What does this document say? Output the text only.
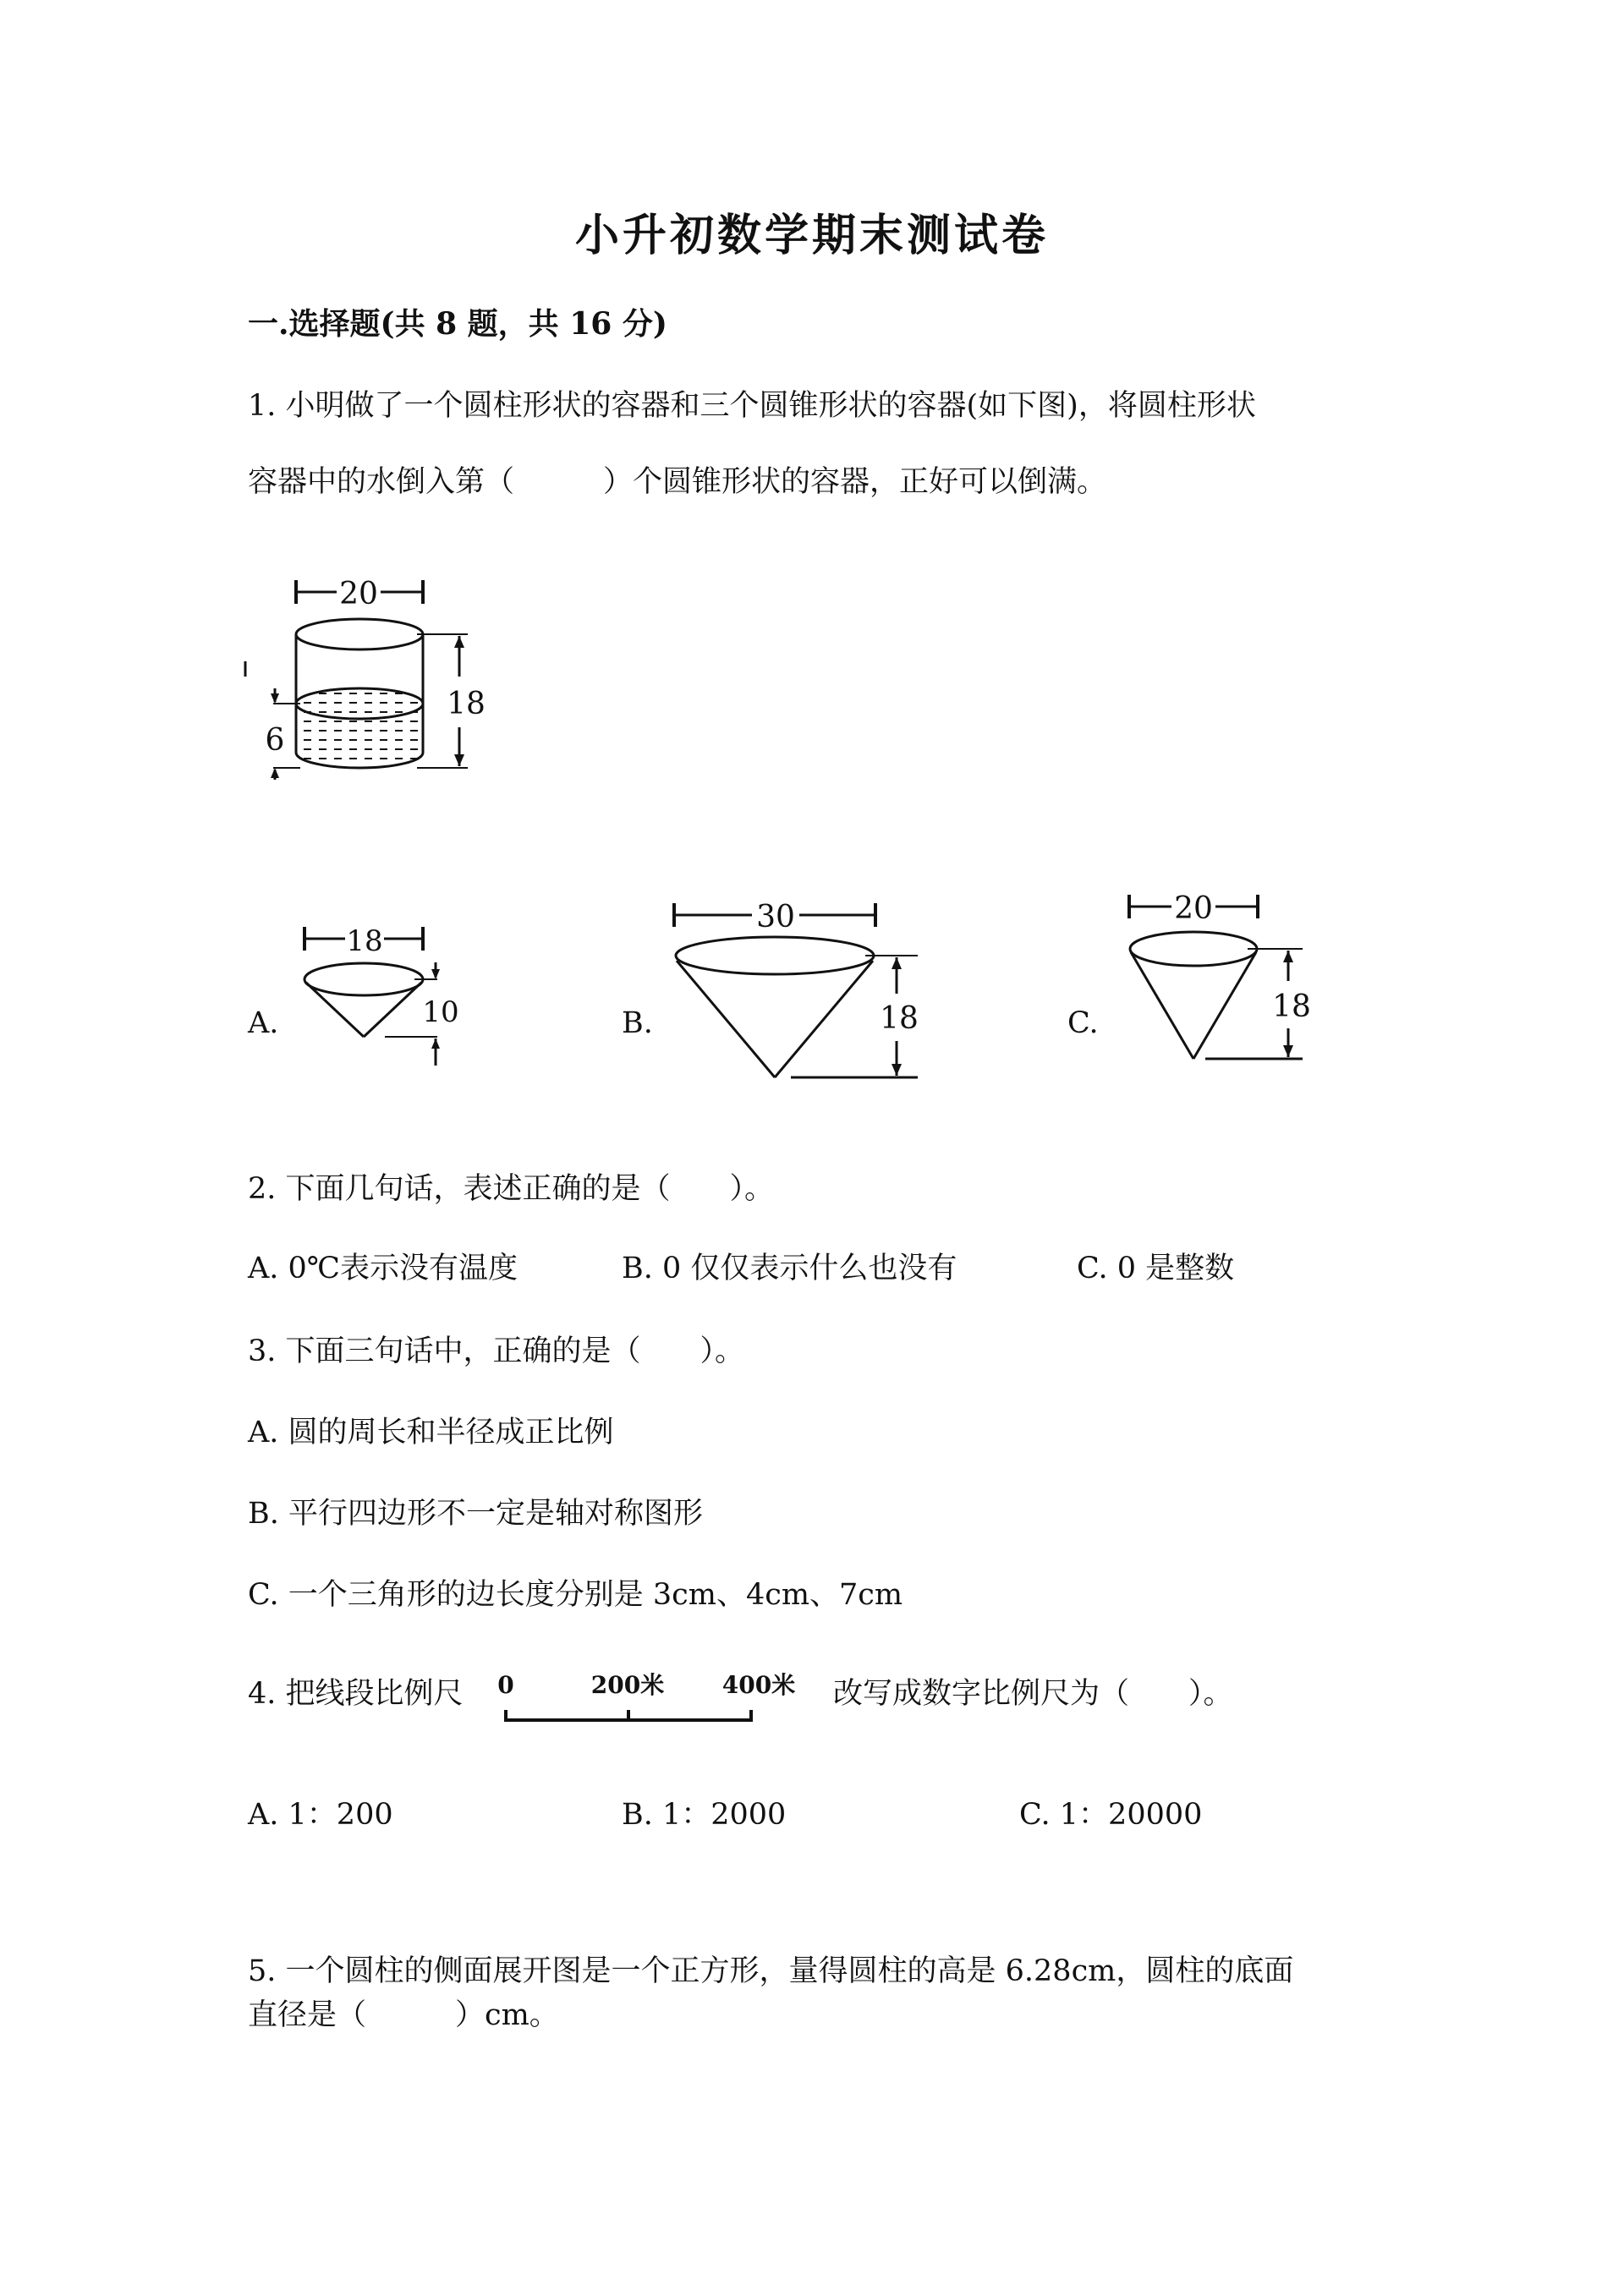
小升初数学期末测试卷
一.选择题(共 8 题，共 16 分)
1. 小明做了一个圆柱形状的容器和三个圆锥形状的容器(如下图)，将圆柱形状
容器中的水倒入第（　　　）个圆锥形状的容器，正好可以倒满。
20
18
6
A.
18
10	B.
30
18	C.
20
18
2. 下面几句话，表述正确的是（　　）。
A. 0℃表示没有温度	B. 0 仅仅表示什么也没有	C. 0 是整数
3. 下面三句话中，正确的是（　　）。
A. 圆的周长和半径成正比例
B. 平行四边形不一定是轴对称图形
C. 一个三角形的边长度分别是 3cm、4cm、7cm
4. 把线段比例尺 0	200米 400米 改写成数字比例尺为（　　）。
A. 1：200	B. 1：2000	C. 1：20000
5. 一个圆柱的侧面展开图是一个正方形，量得圆柱的高是 6.28cm，圆柱的底面
直径是（　　　）cm。
